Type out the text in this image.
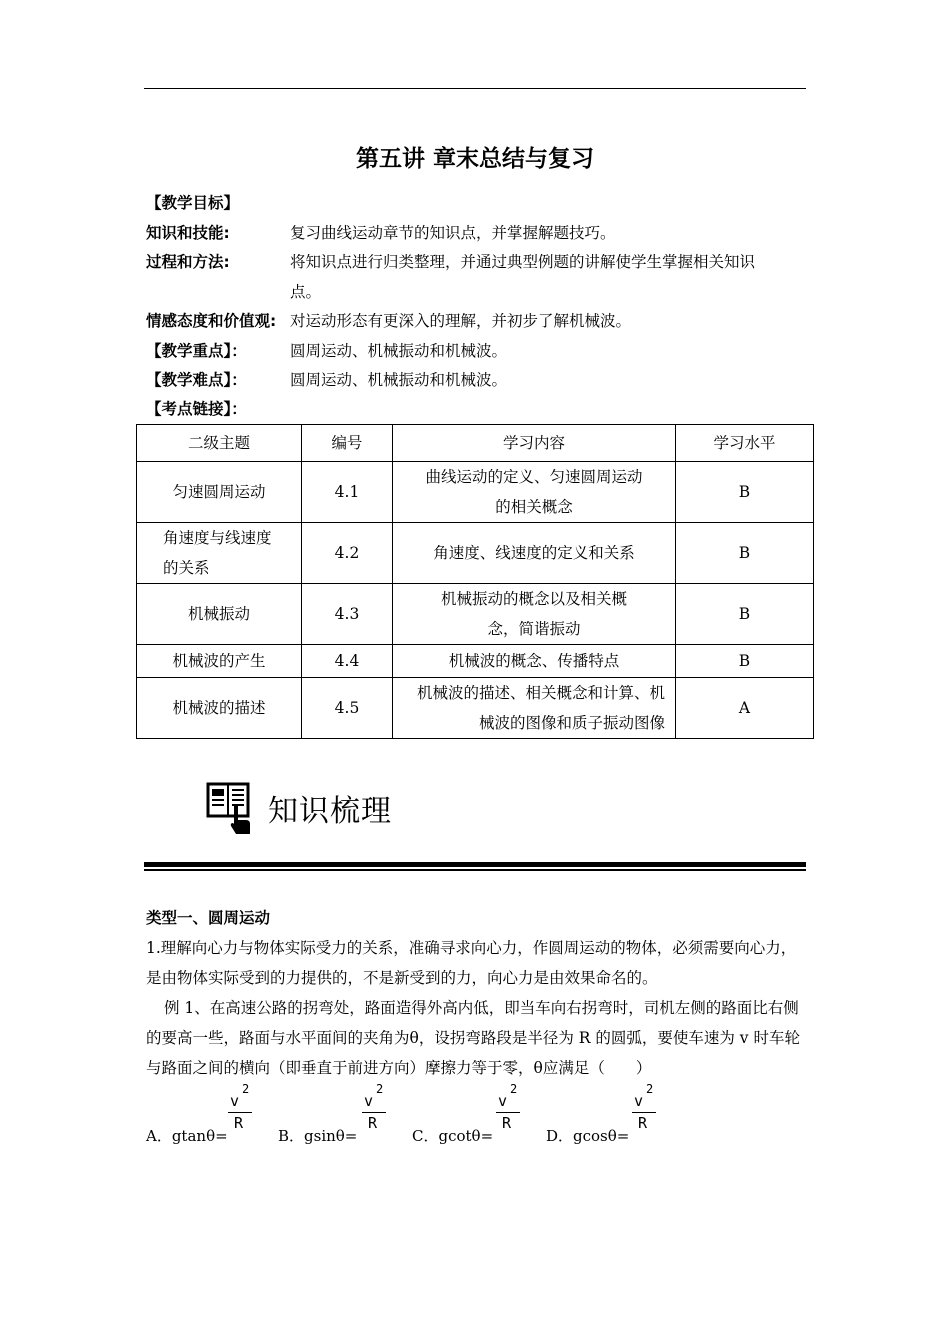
第五讲 章末总结与复习
【教学目标】
知识和技能:	复习曲线运动章节的知识点，并掌握解题技巧。
过程和方法:	将知识点进行归类整理，并通过典型例题的讲解使学生掌握相关知识
点。
情感态度和价值观: 对运动形态有更深入的理解，并初步了解机械波。
【教学重点】：	圆周运动、机械振动和机械波。
【教学难点】：	圆周运动、机械振动和机械波。
【考点链接】：
二级主题	编号	学习内容	学习水平
匀速圆周运动	4.1	曲线运动的定义、匀速圆周运动的相关概念	B

角速度与线速度的关系	4.2	角速度、线速度的定义和关系	B
机械振动	4.3	机械振动的概念以及相关概念，简谐振动	B
机械波的产生	4.4	机械波的概念、传播特点	B
机械波的描述	4.5	机械波的描述、相关概念和计算、机械波的图像和质子振动图像	A
知识梳理
类型一、圆周运动
1.理解向心力与物体实际受力的关系，准确寻求向心力，作圆周运动的物体，必须需要向心力，是由物体实际受到的力提供的，不是新受到的力，向心力是由效果命名的。
例 1、在高速公路的拐弯处，路面造得外高内低，即当车向右拐弯时，司机左侧的路面比右侧的要高一些，路面与水平面间的夹角为θ，设拐弯路段是半径为 R 的圆弧，要使车速为 v 时车轮与路面之间的横向（即垂直于前进方向）摩擦力等于零，θ应满足（　　）
A．gtanθ=
v
2
R
B．gsinθ=
v
2
R
C．gcotθ=
v
2
R
D．gcosθ=
v
2
R
